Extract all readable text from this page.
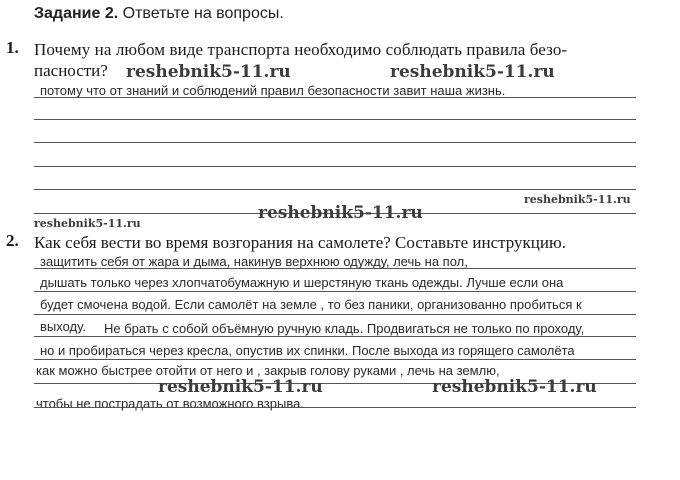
Задание 2. Ответьте на вопросы.
1. Почему на любом виде транспорта необходимо соблюдать правила безо-
пасности?
потому что от знаний и соблюдений правил безопасности завит наша жизнь.
2. Как себя вести во время возгорания на самолете? Составьте инструкцию.
защитить себя от жара и дыма, накинув верхнюю одужду, лечь на пол,
дышать только через хлопчатобумажную и шерстяную ткань одежды. Лучше если она
будет смочена водой. Если самолёт на земле , то без паники, организованно пробиться к
выходу. Не брать с собой объёмную ручную кладь. Продвигаться не только по проходу,
но и пробираться через кресла, опустив их спинки. После выхода из горящего самолёта
как можно быстрее отойти от него и , закрыв голову руками , лечь на землю,
чтобы не пострадать от возможного взрыва.
reshebnik5-11.ru	reshebnik5-11.ru
reshebnik5-11.ru
reshebnik5-11.ru
reshebnik5-11.ru
reshebnik5-11.ru	reshebnik5-11.ru
